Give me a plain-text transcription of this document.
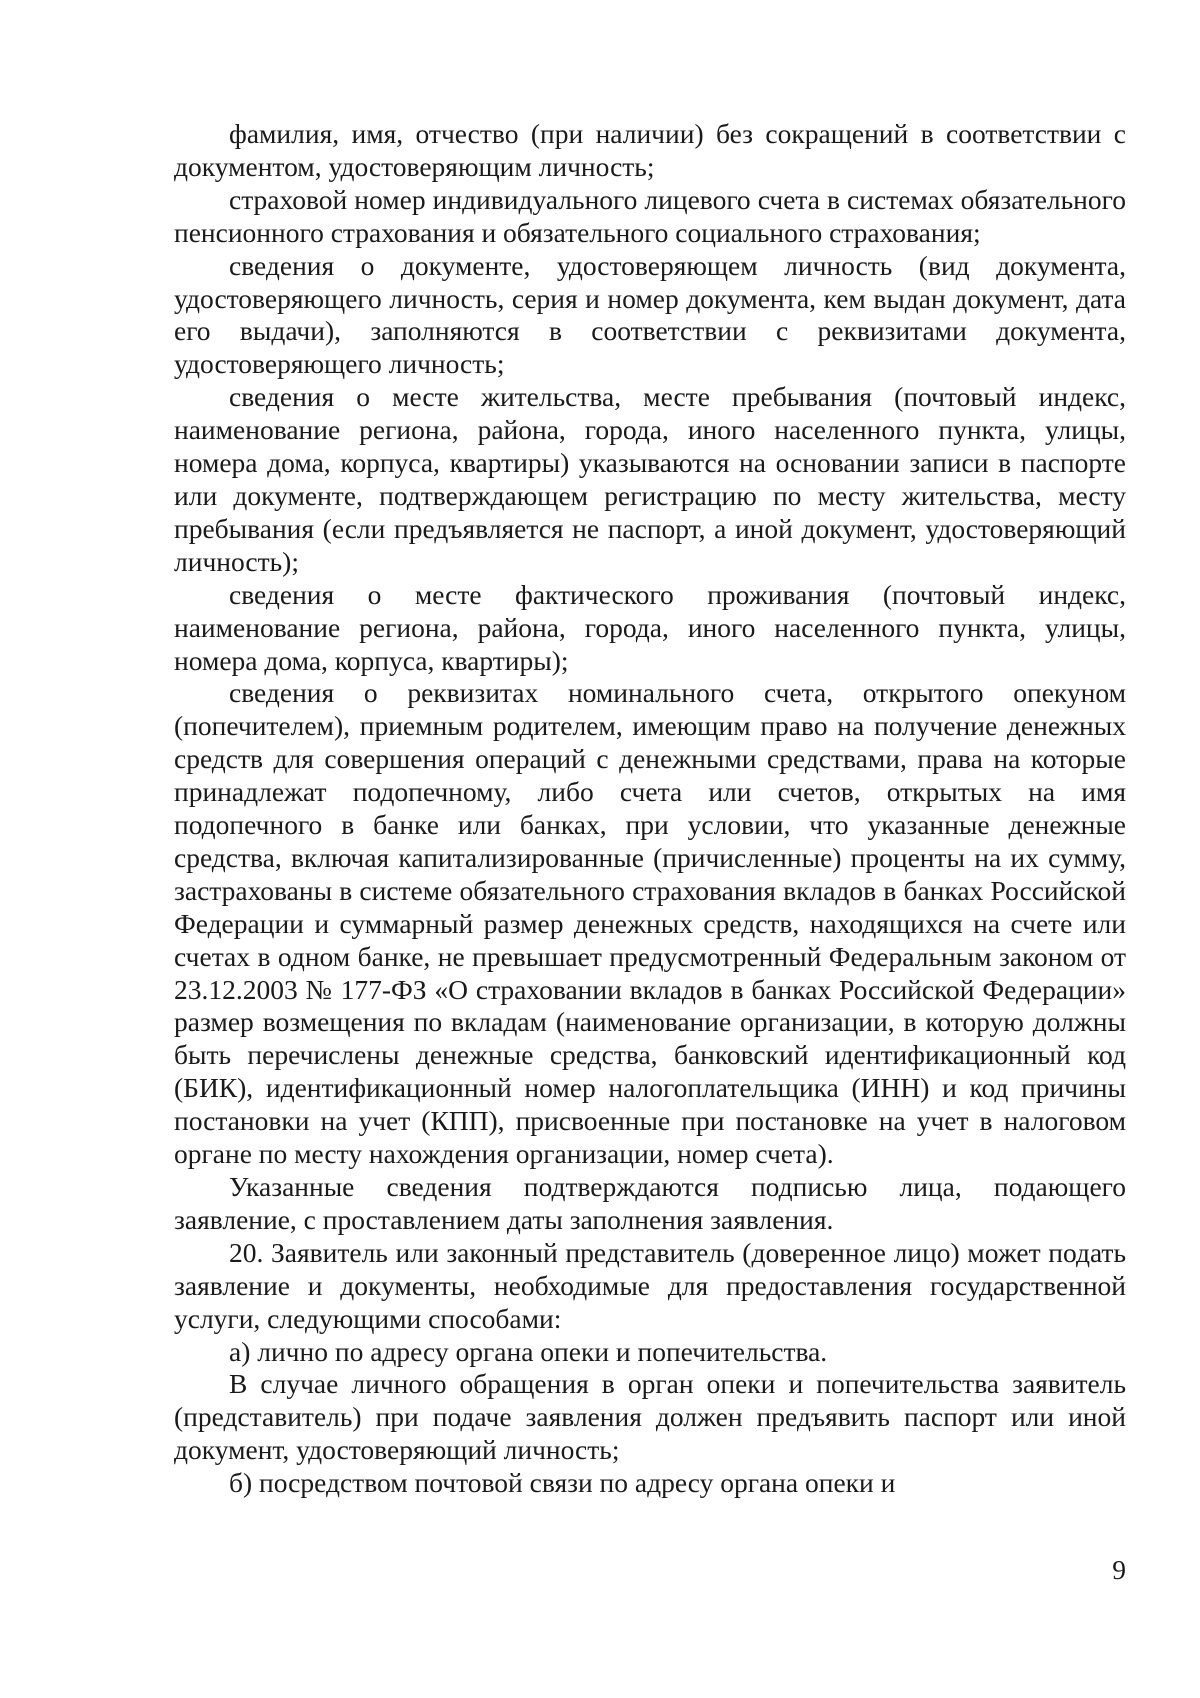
фамилия, имя, отчество (при наличии) без сокращений в соответствии с документом, удостоверяющим личность;

страховой номер индивидуального лицевого счета в системах обязательного пенсионного страхования и обязательного социального страхования;

сведения о документе, удостоверяющем личность (вид документа, удостоверяющего личность, серия и номер документа, кем выдан документ, дата его выдачи), заполняются в соответствии с реквизитами документа, удостоверяющего личность;

сведения о месте жительства, месте пребывания (почтовый индекс, наименование региона, района, города, иного населенного пункта, улицы, номера дома, корпуса, квартиры) указываются на основании записи в паспорте или документе, подтверждающем регистрацию по месту жительства, месту пребывания (если предъявляется не паспорт, а иной документ, удостоверяющий личность);

сведения о месте фактического проживания (почтовый индекс, наименование региона, района, города, иного населенного пункта, улицы, номера дома, корпуса, квартиры);

сведения о реквизитах номинального счета, открытого опекуном (попечителем), приемным родителем, имеющим право на получение денежных средств для совершения операций с денежными средствами, права на которые принадлежат подопечному, либо счета или счетов, открытых на имя подопечного в банке или банках, при условии, что указанные денежные средства, включая капитализированные (причисленные) проценты на их сумму, застрахованы в системе обязательного страхования вкладов в банках Российской Федерации и суммарный размер денежных средств, находящихся на счете или счетах в одном банке, не превышает предусмотренный Федеральным законом от 23.12.2003 № 177-ФЗ «О страховании вкладов в банках Российской Федерации» размер возмещения по вкладам (наименование организации, в которую должны быть перечислены денежные средства, банковский идентификационный код (БИК), идентификационный номер налогоплательщика (ИНН) и код причины постановки на учет (КПП), присвоенные при постановке на учет в налоговом органе по месту нахождения организации, номер счета).

Указанные сведения подтверждаются подписью лица, подающего заявление, с проставлением даты заполнения заявления.

20. Заявитель или законный представитель (доверенное лицо) может подать заявление и документы, необходимые для предоставления государственной услуги, следующими способами:

а) лично по адресу органа опеки и попечительства.

В случае личного обращения в орган опеки и попечительства заявитель (представитель) при подаче заявления должен предъявить паспорт или иной документ, удостоверяющий личность;

б) посредством почтовой связи по адресу органа опеки и

9
